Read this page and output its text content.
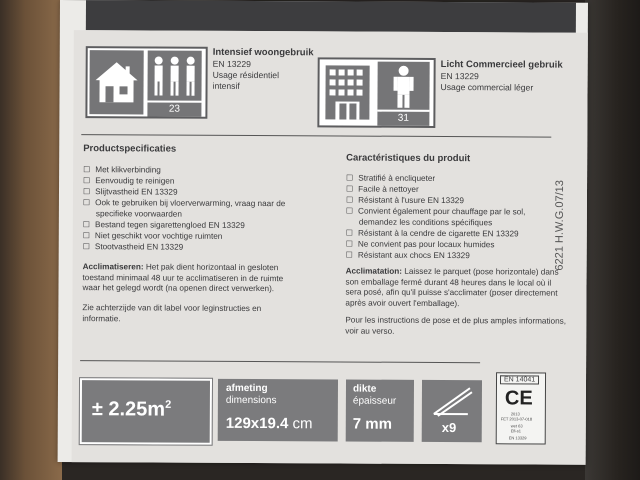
23
Intensief woongebruik
EN 13229
Usage résidentiel
intensif
31
Licht Commercieel gebruik
EN 13229
Usage commercial léger
Productspecificaties
☐ Met klikverbinding
☐ Eenvoudig te reinigen
☐ Slijtvastheid EN 13329
☐ Ook te gebruiken bij vloerverwarming, vraag naar de
specifieke voorwaarden
☐ Bestand tegen sigarettengloed EN 13329
☐ Niet geschikt voor vochtige ruimten
☐ Stootvastheid EN 13329
Acclimatiseren: Het pak dient horizontaal in gesloten
toestand minimaal 48 uur te acclimatiseren in de ruimte
waar het gelegd wordt (na openen direct verwerken).
Zie achterzijde van dit label voor leginstructies en
informatie.
Caractéristiques du produit
☐ Stratifié à encliqueter
☐ Facile à nettoyer
☐ Résistant à l'usure EN 13329
☐ Convient également pour chauffage par le sol,
demandez les conditions spécifiques
☐ Résistant à la cendre de cigarette EN 13329
☐ Ne convient pas pour locaux humides
☐ Résistant aux chocs EN 13329
Acclimatation: Laissez le parquet (pose horizontale) dans
son emballage fermé durant 48 heures dans le local où il
sera posé, afin qu'il puisse s'acclimater (poser directement
après avoir ouvert l'emballage).
Pour les instructions de pose et de plus amples informations,
voir au verso.
6221 H.W.G.07/13
± $2.25m^2$
afmeting
dimensions
129x19.4 cm
dikte
épaisseur
7 mm	x9
EN 14041
CE
2013
FET 2013-07-018
wet 63
Efl-s1
EN 13329
